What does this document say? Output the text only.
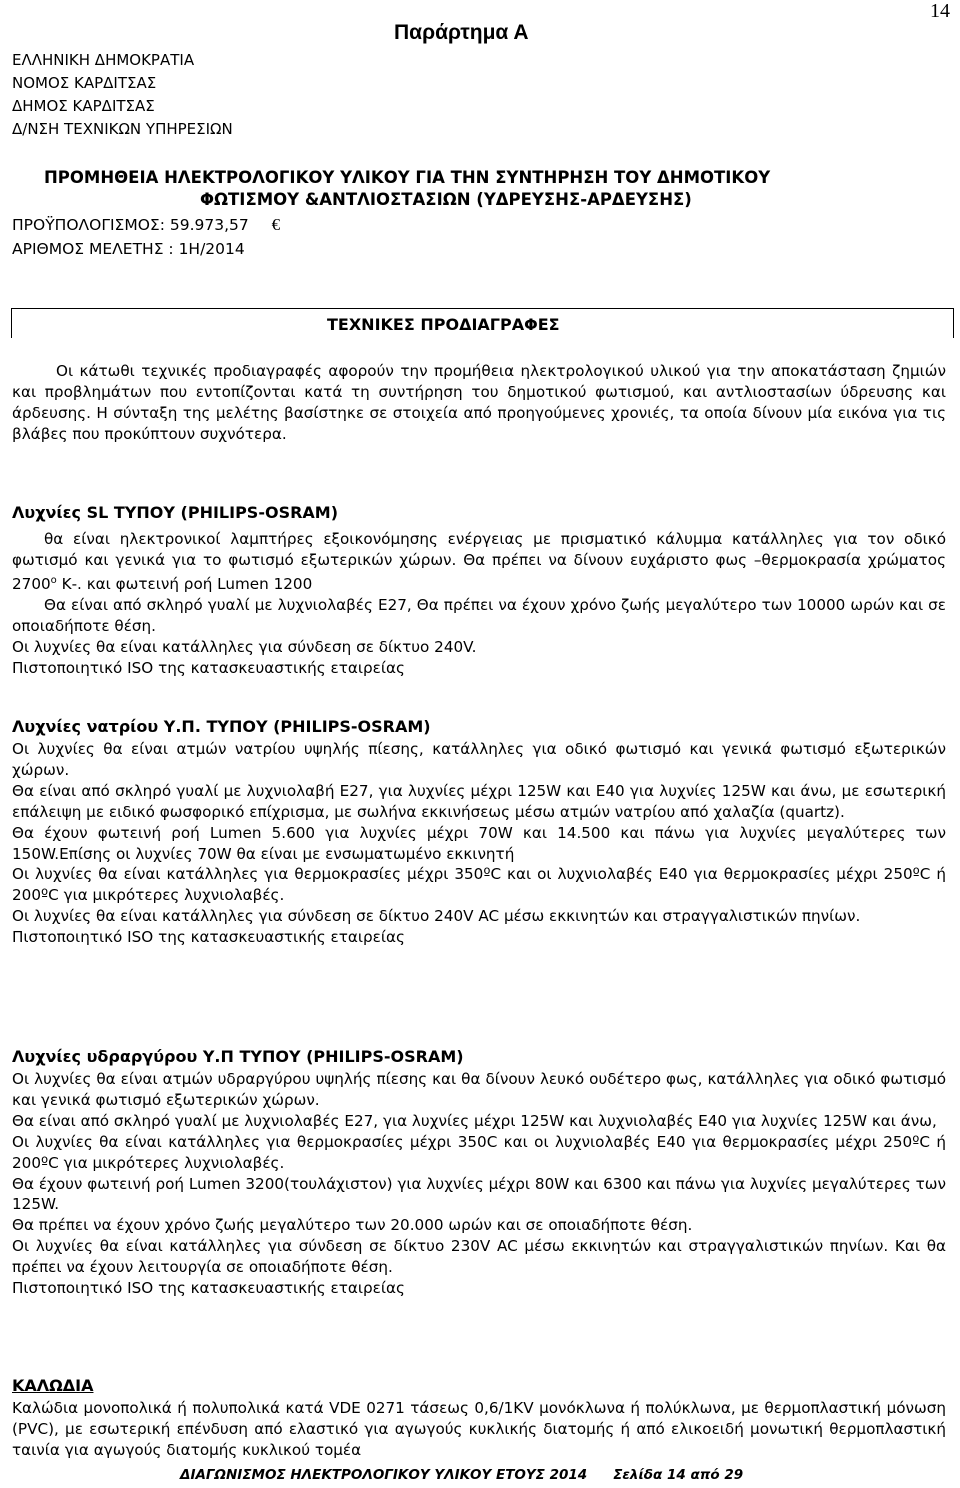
14
ΕΛΛΗΝΙΚΗ ΔΗΜΟΚΡΑΤΙΑ
ΝΟΜΟΣ ΚΑΡΔΙΤΣΑΣ
ΔΗΜΟΣ ΚΑΡΔΙΤΣΑΣ
Δ/ΝΣΗ ΤΕΧΝΙΚΩΝ ΥΠΗΡΕΣΙΩΝ
Παράρτημα Α
ΠΡΟΜΗΘΕΙΑ ΗΛΕΚΤΡΟΛΟΓΙΚΟΥ ΥΛΙΚΟΥ ΓΙΑ ΤΗΝ ΣΥΝΤΗΡΗΣΗ ΤΟΥ ΔΗΜΟΤΙΚΟΥ
ΦΩΤΙΣΜΟΥ &ΑΝΤΛΙΟΣΤΑΣΙΩΝ (ΥΔΡΕΥΣΗΣ-ΑΡΔΕΥΣΗΣ)
ΠΡΟΫΠΟΛΟΓΙΣΜΟΣ: 59.973,57 €
ΑΡΙΘΜΟΣ ΜΕΛΕΤΗΣ : 1Η/2014
ΤΕΧΝΙΚΕΣ ΠΡΟΔΙΑΓΡΑΦΕΣ

Οι κάτωθι τεχνικές προδιαγραφές αφορούν την προμήθεια ηλεκτρολογικού υλικού για την αποκατάσταση ζημιών και προβλημάτων που εντοπίζονται κατά τη συντήρηση του δημοτικού φωτισμού, και αντλιοστασίων ύδρευσης και άρδευσης. Η σύνταξη της μελέτης βασίστηκε σε στοιχεία από προηγούμενες χρονιές, τα οποία δίνουν μία εικόνα για τις βλάβες που προκύπτουν συχνότερα.

Λυχνίες SL ΤΥΠΟΥ (PHILIPS-OSRAM)

θα είναι ηλεκτρονικοί λαμπτήρες εξοικονόμησης ενέργειας με πρισματικό κάλυμμα κατάλληλες για τον οδικό φωτισμό και γενικά για το φωτισμό εξωτερικών χώρων. Θα πρέπει να δίνουν ευχάριστο φως –θερμοκρασία χρώματος $2700^o$ Κ-. και φωτεινή ροή Lumen 1200

Θα είναι από σκληρό γυαλί με λυχνιολαβές Ε27, Θα πρέπει να έχουν χρόνο ζωής μεγαλύτερο των 10000 ωρών και σε οποιαδήποτε θέση.

Οι λυχνίες θα είναι κατάλληλες για σύνδεση σε δίκτυο 240V.

Πιστοποιητικό ISO της κατασκευαστικής εταιρείας

Λυχνίες νατρίου Υ.Π. ΤΥΠΟΥ (PHILIPS-OSRAM)

Οι λυχνίες θα είναι ατμών νατρίου υψηλής πίεσης, κατάλληλες για οδικό φωτισμό και γενικά φωτισμό εξωτερικών χώρων.

Θα είναι από σκληρό γυαλί με λυχνιολαβή Ε27, για λυχνίες μέχρι 125W και Ε40 για λυχνίες 125W και άνω, με εσωτερική επάλειψη με ειδικό φωσφορικό επίχρισμα, με σωλήνα εκκινήσεως μέσω ατμών νατρίου από χαλαζία (quartz).

Θα έχουν φωτεινή ροή Lumen 5.600 για λυχνίες μέχρι 70W και 14.500 και πάνω για λυχνίες μεγαλύτερες των 150W.Επίσης οι λυχνίες 70W θα είναι με ενσωματωμένο εκκινητή

Οι λυχνίες θα είναι κατάλληλες για θερμοκρασίες μέχρι 350ºC και οι λυχνιολαβές Ε40 για θερμοκρασίες μέχρι 250ºC ή 200ºC για μικρότερες λυχνιολαβές.

Οι λυχνίες θα είναι κατάλληλες για σύνδεση σε δίκτυο 240V AC μέσω εκκινητών και στραγγαλιστικών πηνίων.

Πιστοποιητικό ISO της κατασκευαστικής εταιρείας

Λυχνίες υδραργύρου Υ.Π ΤΥΠΟΥ (PHILIPS-OSRAM)

Οι λυχνίες θα είναι ατμών υδραργύρου υψηλής πίεσης και θα δίνουν λευκό ουδέτερο φως, κατάλληλες για οδικό φωτισμό και γενικά φωτισμό εξωτερικών χώρων.

Θα είναι από σκληρό γυαλί με λυχνιολαβές Ε27, για λυχνίες μέχρι 125W και λυχνιολαβές Ε40 για λυχνίες 125W και άνω,

Οι λυχνίες θα είναι κατάλληλες για θερμοκρασίες μέχρι 350C και οι λυχνιολαβές Ε40 για θερμοκρασίες μέχρι 250ºC ή 200ºC για μικρότερες λυχνιολαβές.

Θα έχουν φωτεινή ροή Lumen 3200(τουλάχιστον) για λυχνίες μέχρι 80W και 6300 και πάνω για λυχνίες μεγαλύτερες των 125W.

Θα πρέπει να έχουν χρόνο ζωής μεγαλύτερο των 20.000 ωρών και σε οποιαδήποτε θέση.

Οι λυχνίες θα είναι κατάλληλες για σύνδεση σε δίκτυο 230V AC μέσω εκκινητών και στραγγαλιστικών πηνίων. Και θα πρέπει να έχουν λειτουργία σε οποιαδήποτε θέση.

Πιστοποιητικό ISO της κατασκευαστικής εταιρείας

ΚΑΛΩΔΙΑ

Καλώδια μονοπολικά ή πολυπολικά κατά VDE 0271 τάσεως 0,6/1KV μονόκλωνα ή πολύκλωνα, με θερμοπλαστική μόνωση (PVC), με εσωτερική επένδυση από ελαστικό για αγωγούς κυκλικής διατομής ή από ελικοειδή μονωτική θερμοπλαστική ταινία για αγωγούς διατομής κυκλικού τομέα

ΔΙΑΓΩΝΙΣΜΟΣ ΗΛΕΚΤΡΟΛΟΓΙΚΟΥ ΥΛΙΚΟΥ ΕΤΟΥΣ 2014 Σελίδα 14 από 29
